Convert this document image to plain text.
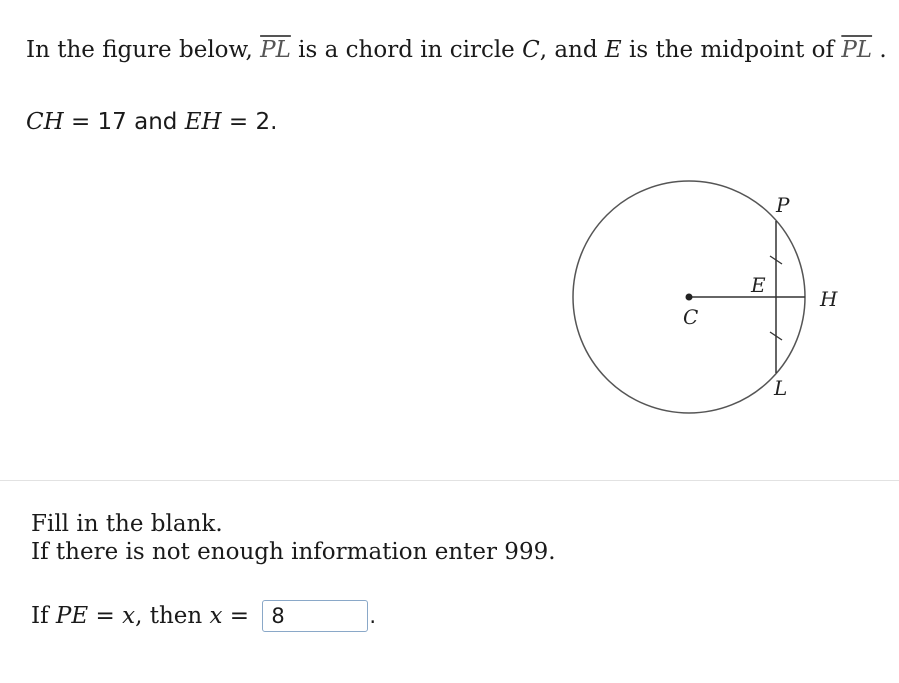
In the figure below, $\overline{PL}$ is a chord in circle C, and E is the midpoint of $\overline{PL}$ .
CH = 17 and EH = 2.
P
E
H
C
L
Fill in the blank.
If there is not enough information enter 999.
If PE = x , then x = 8	.
